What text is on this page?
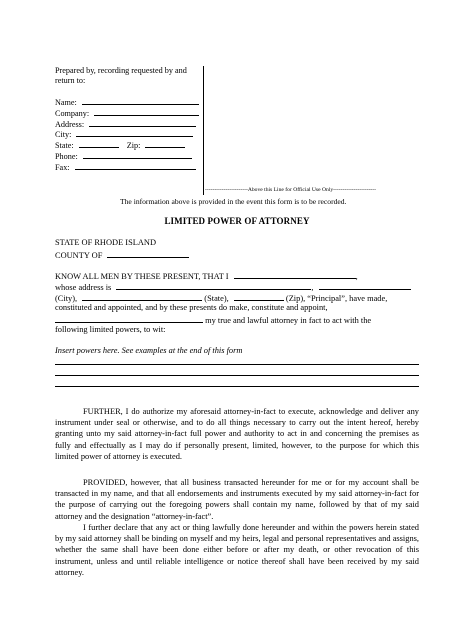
Prepared by, recording requested by and
return to:
Name:
Company:
Address:
City:
State:	Zip:
Phone:
Fax:
-----------------------Above this Line for Official Use Only-----------------------
The information above is provided in the event this form is to be recorded.
LIMITED POWER OF ATTORNEY
STATE OF RHODE ISLAND
COUNTY OF
KNOW ALL MEN BY THESE PRESENT, THAT I	,
whose address is	,
(City),	(State),	(Zip), “Principal”, have made,
constituted and appointed, and by these presents do make, constitute and appoint,
my true and lawful attorney in fact to act with the
following limited powers, to wit:
Insert powers here. See examples at the end of this form
FURTHER, I do authorize my aforesaid attorney-in-fact to execute, acknowledge and deliver any instrument under seal or otherwise, and to do all things necessary to carry out the intent hereof, hereby granting unto my said attorney-in-fact full power and authority to act in and concerning the premises as fully and effectually as I may do if personally present, limited, however, to the purpose for which this limited power of attorney is executed.
PROVIDED, however, that all business transacted hereunder for me or for my account shall be transacted in my name, and that all endorsements and instruments executed by my said attorney-in-fact for the purpose of carrying out the foregoing powers shall contain my name, followed by that of my said attorney and the designation “attorney-in-fact”.
I further declare that any act or thing lawfully done hereunder and within the powers herein stated by my said attorney shall be binding on myself and my heirs, legal and personal representatives and assigns, whether the same shall have been done either before or after my death, or other revocation of this instrument, unless and until reliable intelligence or notice thereof shall have been received by my said attorney.
